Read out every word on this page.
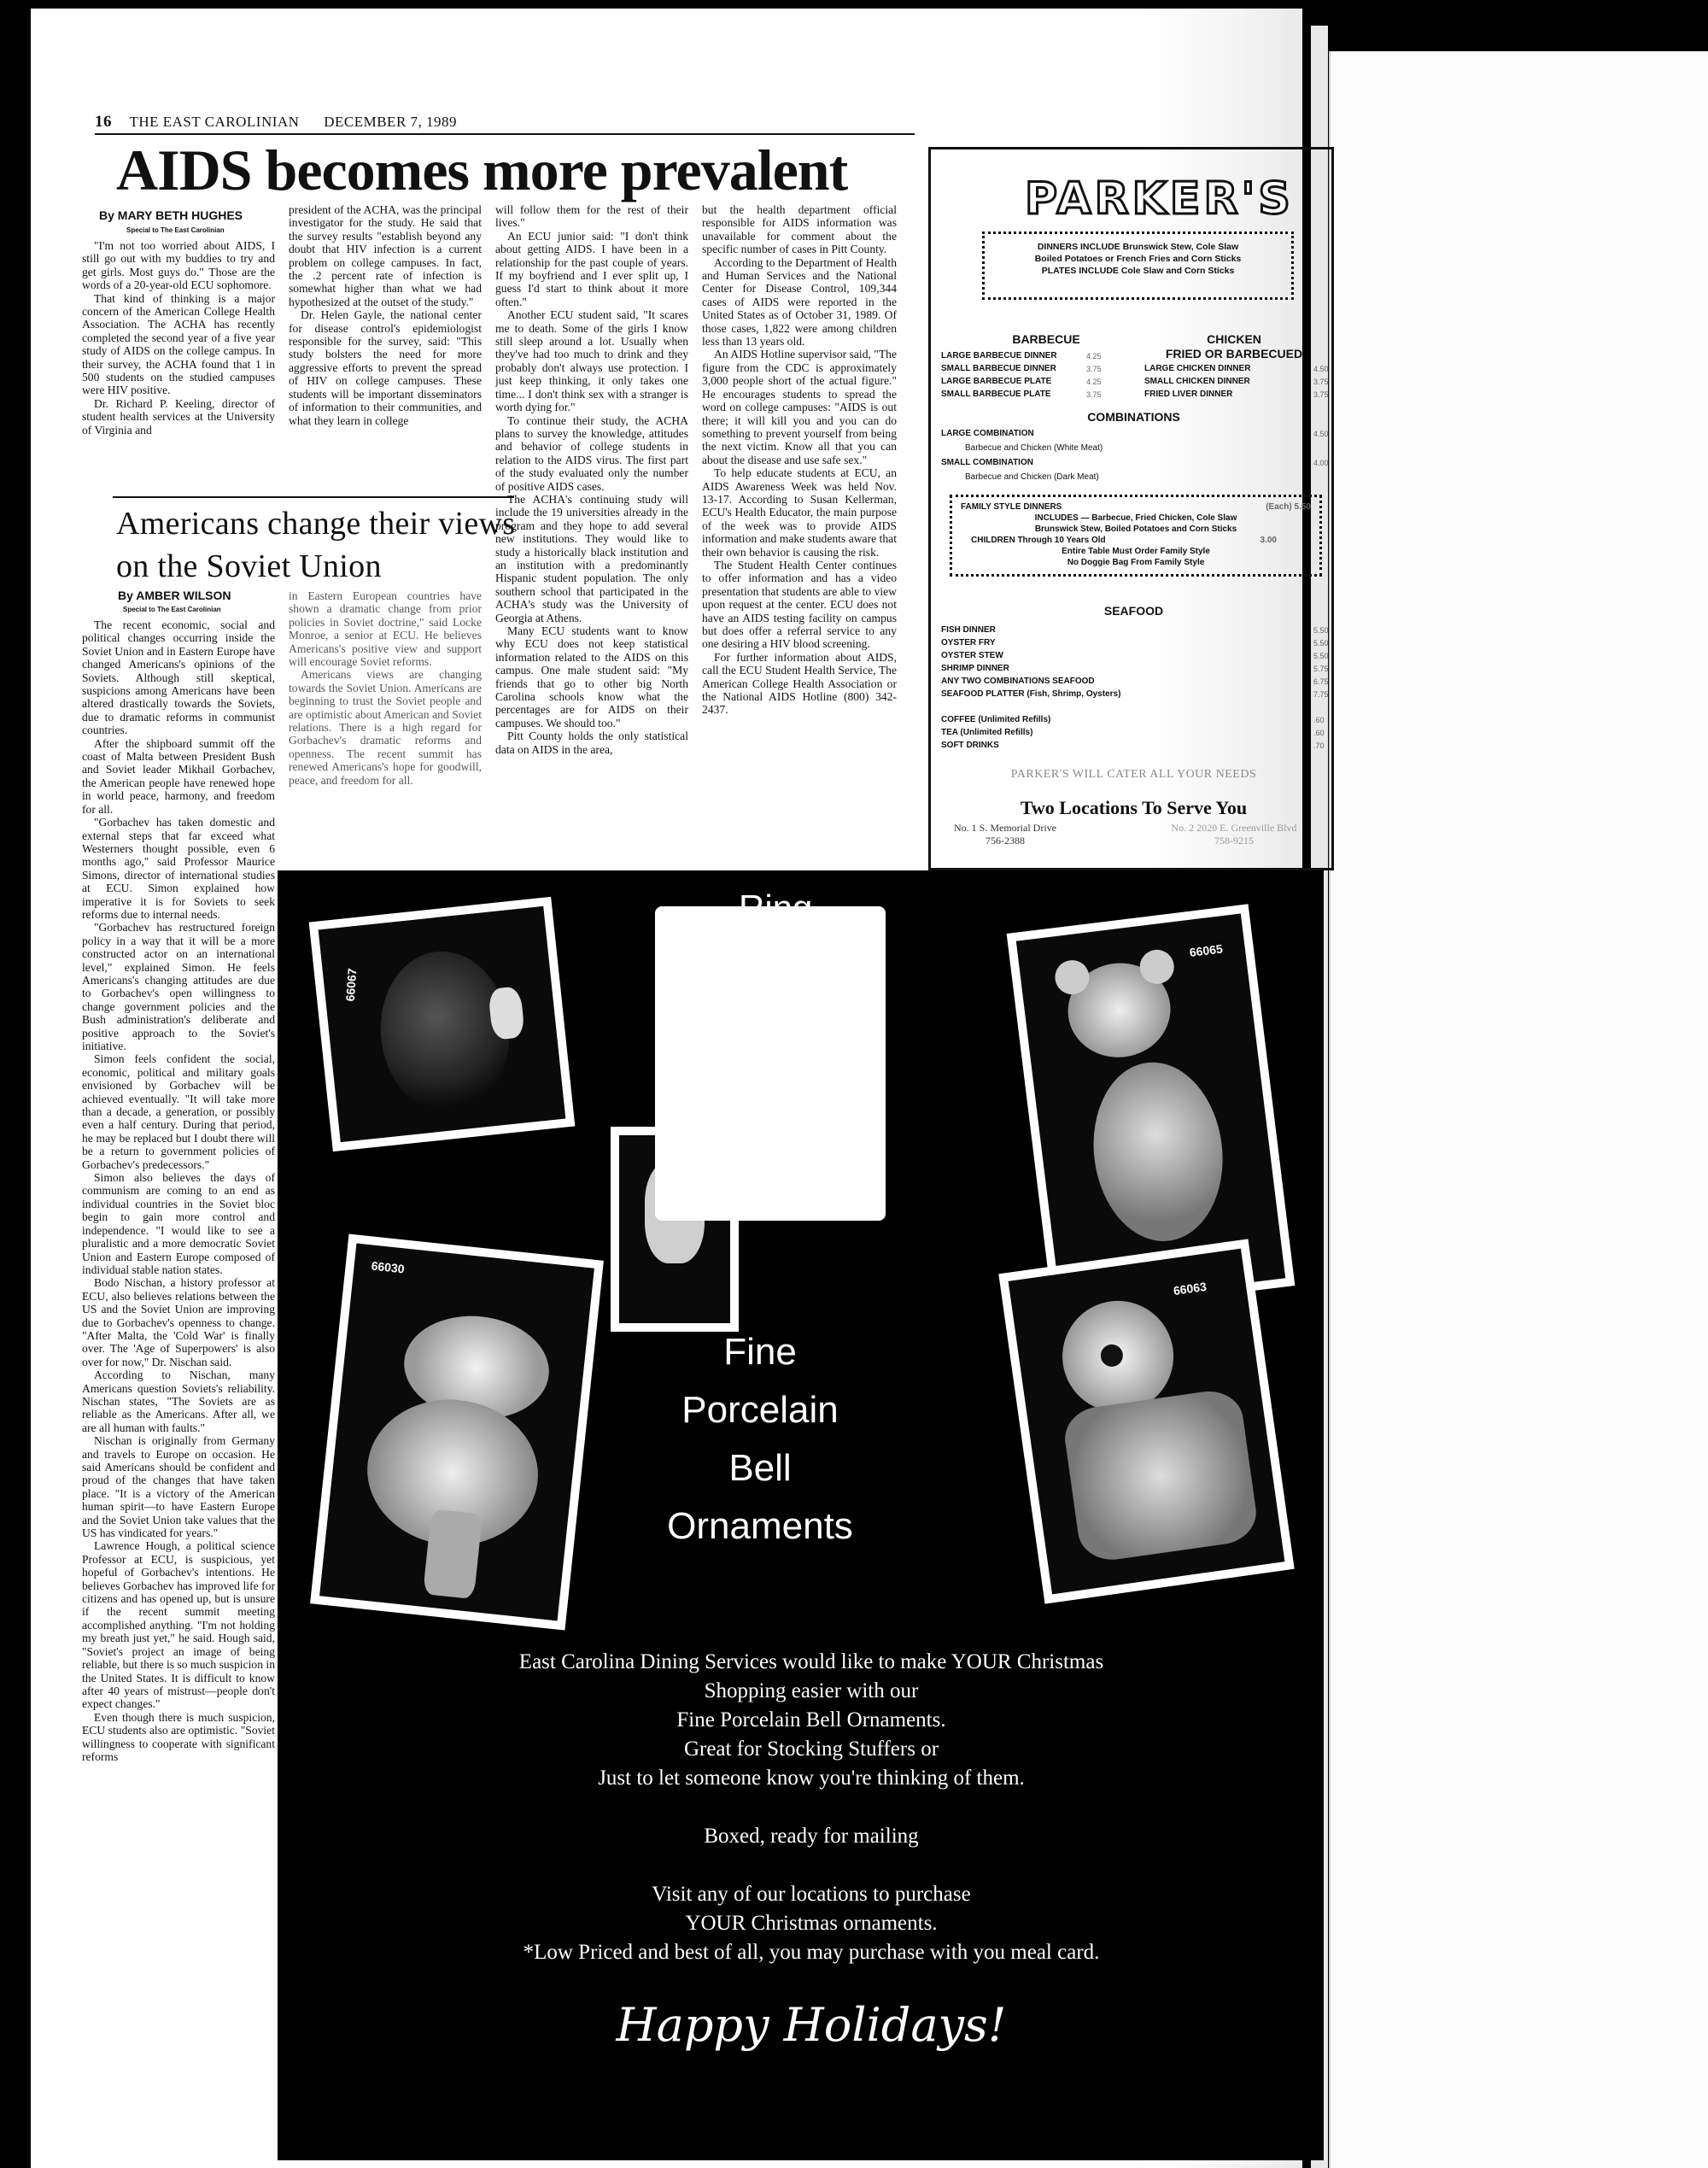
16 THE EAST CAROLINIAN DECEMBER 7, 1989
AIDS becomes more prevalent
By MARY BETH HUGHES
Special to The East Carolinian

"I'm not too worried about AIDS, I still go out with my buddies to try and get girls. Most guys do." Those are the words of a 20-year-old ECU sophomore.

That kind of thinking is a major concern of the American College Health Association. The ACHA has recently completed the second year of a five year study of AIDS on the college campus. In their survey, the ACHA found that 1 in 500 students on the studied campuses were HIV positive.

Dr. Richard P. Keeling, director of student health services at the University of Virginia and

president of the ACHA, was the principal investigator for the study. He said that the survey results "establish beyond any doubt that HIV infection is a current problem on college campuses. In fact, the .2 percent rate of infection is somewhat higher than what we had hypothesized at the outset of the study."

Dr. Helen Gayle, the national center for disease control's epidemiologist responsible for the survey, said: "This study bolsters the need for more aggressive efforts to prevent the spread of HIV on college campuses. These students will be important disseminators of information to their communities, and what they learn in college

will follow them for the rest of their lives."

An ECU junior said: "I don't think about getting AIDS. I have been in a relationship for the past couple of years. If my boyfriend and I ever split up, I guess I'd start to think about it more often."

Another ECU student said, "It scares me to death. Some of the girls I know still sleep around a lot. Usually when they've had too much to drink and they probably don't always use protection. I just keep thinking, it only takes one time... I don't think sex with a stranger is worth dying for."

To continue their study, the ACHA plans to survey the knowledge, attitudes and behavior of college students in relation to the AIDS virus. The first part of the study evaluated only the number of positive AIDS cases.

The ACHA's continuing study will include the 19 universities already in the program and they hope to add several new institutions. They would like to study a historically black institution and an institution with a predominantly Hispanic student population. The only southern school that participated in the ACHA's study was the University of Georgia at Athens.

Many ECU students want to know why ECU does not keep statistical information related to the AIDS on this campus. One male student said: "My friends that go to other big North Carolina schools know what the percentages are for AIDS on their campuses. We should too."

Pitt County holds the only statistical data on AIDS in the area,

but the health department official responsible for AIDS information was unavailable for comment about the specific number of cases in Pitt County.

According to the Department of Health and Human Services and the National Center for Disease Control, 109,344 cases of AIDS were reported in the United States as of October 31, 1989. Of those cases, 1,822 were among children less than 13 years old.

An AIDS Hotline supervisor said, "The figure from the CDC is approximately 3,000 people short of the actual figure." He encourages students to spread the word on college campuses: "AIDS is out there; it will kill you and you can do something to prevent yourself from being the next victim. Know all that you can about the disease and use safe sex."

To help educate students at ECU, an AIDS Awareness Week was held Nov. 13-17. According to Susan Kellerman, ECU's Health Educator, the main purpose of the week was to provide AIDS information and make students aware that their own behavior is causing the risk.

The Student Health Center continues to offer information and has a video presentation that students are able to view upon request at the center. ECU does not have an AIDS testing facility on campus but does offer a referral service to any one desiring a HIV blood screening.

For further information about AIDS, call the ECU Student Health Service, The American College Health Association or the National AIDS Hotline (800) 342-2437.

Americans change their views on the Soviet Union
By AMBER WILSON
Special to The East Carolinian

The recent economic, social and political changes occurring inside the Soviet Union and in Eastern Europe have changed Americans's opinions of the Soviets. Although still skeptical, suspicions among Americans have been altered drastically towards the Soviets, due to dramatic reforms in communist countries.

After the shipboard summit off the coast of Malta between President Bush and Soviet leader Mikhail Gorbachev, the American people have renewed hope in world peace, harmony, and freedom for all.

"Gorbachev has taken domestic and external steps that far exceed what Westerners thought possible, even 6 months ago," said Professor Maurice Simons, director of international studies at ECU. Simon explained how imperative it is for Soviets to seek reforms due to internal needs.

"Gorbachev has restructured foreign policy in a way that it will be a more constructed actor on an international level," explained Simon. He feels Americans's changing attitudes are due to Gorbachev's open willingness to change government policies and the Bush administration's deliberate and positive approach to the Soviet's initiative.

Simon feels confident the social, economic, political and military goals envisioned by Gorbachev will be achieved eventually. "It will take more than a decade, a generation, or possibly even a half century. During that period, he may be replaced but I doubt there will be a return to government policies of Gorbachev's predecessors."

Simon also believes the days of communism are coming to an end as individual countries in the Soviet bloc begin to gain more control and independence. "I would like to see a pluralistic and a more democratic Soviet Union and Eastern Europe composed of individual stable nation states.

Bodo Nischan, a history professor at ECU, also believes relations between the US and the Soviet Union are improving due to Gorbachev's openness to change. "After Malta, the 'Cold War' is finally over. The 'Age of Superpowers' is also over for now," Dr. Nischan said.

According to Nischan, many Americans question Soviets's reliability. Nischan states, "The Soviets are as reliable as the Americans. After all, we are all human with faults."

Nischan is originally from Germany and travels to Europe on occasion. He said Americans should be confident and proud of the changes that have taken place. "It is a victory of the American human spirit—to have Eastern Europe and the Soviet Union take values that the US has vindicated for years."

Lawrence Hough, a political science Professor at ECU, is suspicious, yet hopeful of Gorbachev's intentions. He believes Gorbachev has improved life for citizens and has opened up, but is unsure if the recent summit meeting accomplished anything. "I'm not holding my breath just yet," he said. Hough said, "Soviet's project an image of being reliable, but there is so much suspicion in the United States. It is difficult to know after 40 years of mistrust—people don't expect changes."

Even though there is much suspicion, ECU students also are optimistic. "Soviet willingness to cooperate with significant reforms

in Eastern European countries have shown a dramatic change from prior policies in Soviet doctrine," said Locke Monroe, a senior at ECU. He believes Americans's positive view and support will encourage Soviet reforms.

Americans views are changing towards the Soviet Union. Americans are beginning to trust the Soviet people and are optimistic about American and Soviet relations. There is a high regard for Gorbachev's dramatic reforms and openness. The recent summit has renewed Americans's hope for goodwill, peace, and freedom for all.

PARKER'S
DINNERS INCLUDE Brunswick Stew, Cole Slaw
Boiled Potatoes or French Fries and Corn Sticks
PLATES INCLUDE Cole Slaw and Corn Sticks
BARBECUE
LARGE BARBECUE DINNER	4.25
SMALL BARBECUE DINNER	3.75
LARGE BARBECUE PLATE	4.25
SMALL BARBECUE PLATE	3.75
CHICKEN
FRIED OR BARBECUED
LARGE CHICKEN DINNER	4.50
SMALL CHICKEN DINNER	3.75
FRIED LIVER DINNER	3.75
COMBINATIONS
LARGE COMBINATION	4.50
Barbecue and Chicken (White Meat)
SMALL COMBINATION	4.00
Barbecue and Chicken (Dark Meat)
FAMILY STYLE DINNERS	(Each) 5.50
INCLUDES — Barbecue, Fried Chicken, Cole Slaw
Brunswick Stew, Boiled Potatoes and Corn Sticks
CHILDREN Through 10 Years Old	3.00
Entire Table Must Order Family Style
No Doggie Bag From Family Style
SEAFOOD
FISH DINNER	5.50
OYSTER FRY	5.50
OYSTER STEW	5.50
SHRIMP DINNER	5.75
ANY TWO COMBINATIONS SEAFOOD	6.75
SEAFOOD PLATTER (Fish, Shrimp, Oysters)	7.75
COFFEE (Unlimited Refills)	.60
TEA (Unlimited Refills)	.60
SOFT DRINKS	.70
PARKER'S WILL CATER ALL YOUR NEEDS
Two Locations To Serve You
No. 1 S. Memorial Drive
756-2388
No. 2 2020 E. Greenville Blvd
758-9215
66067
66065
66030
Fine
Porcelain
Bell
Ornaments
66063
East Carolina Dining Services would like to make YOUR Christmas
Shopping easier with our
Fine Porcelain Bell Ornaments.
Great for Stocking Stuffers or
Just to let someone know you're thinking of them.
Boxed, ready for mailing
Visit any of our locations to purchase
YOUR Christmas ornaments.
*Low Priced and best of all, you may purchase with you meal card.
Happy Holidays!
